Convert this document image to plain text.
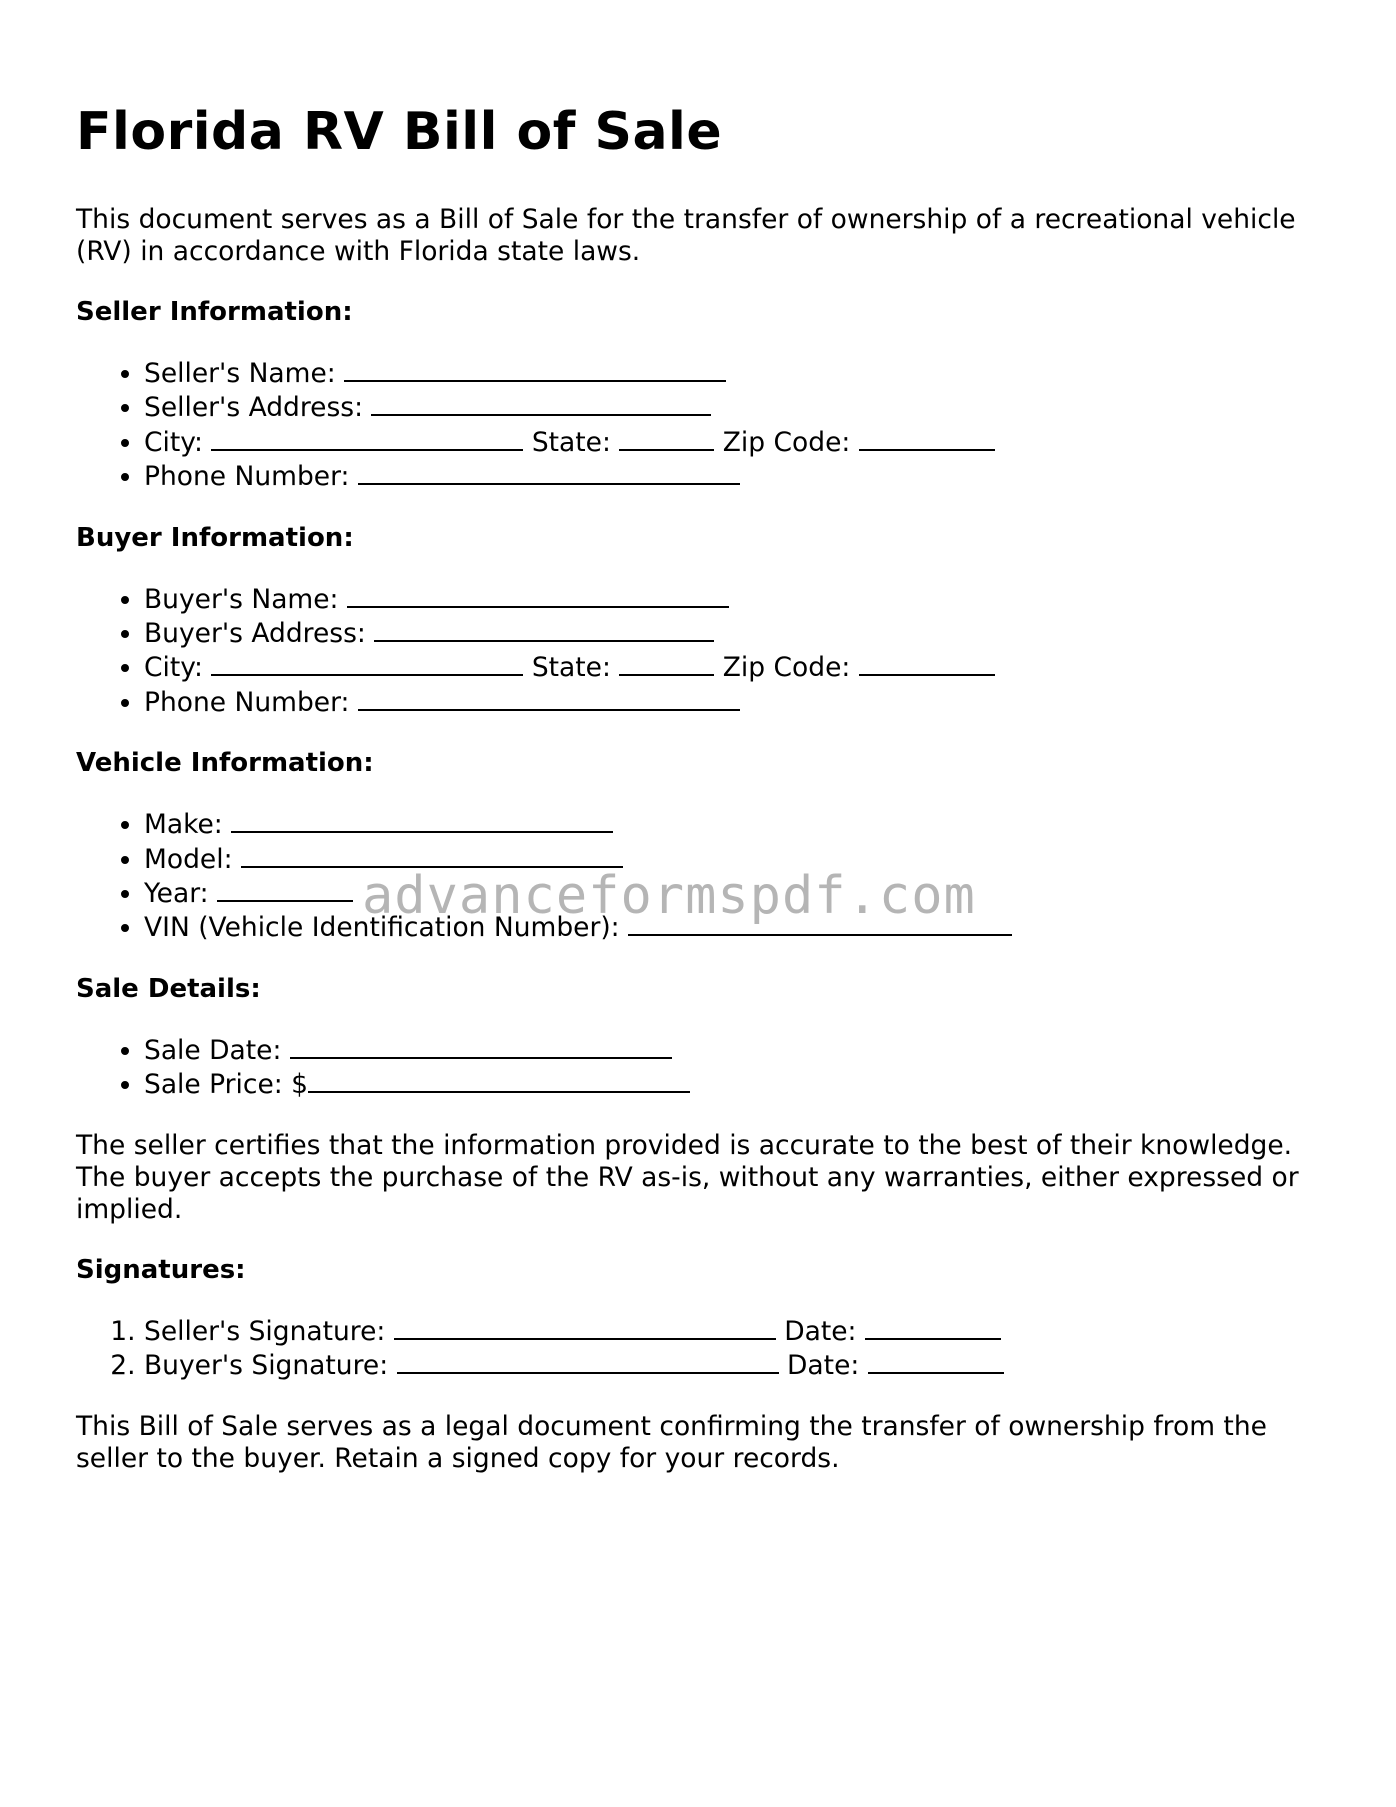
Florida RV Bill of Sale

This document serves as a Bill of Sale for the transfer of ownership of a recreational vehicle (RV) in accordance with Florida state laws.

Seller Information:
• Seller's Name:
• Seller's Address:
• City:	State:	Zip Code:
• Phone Number:
Buyer Information:
• Buyer's Name:
• Buyer's Address:
• City:	State:	Zip Code:
• Phone Number:
Vehicle Information:
• Make:
• Model:
• Year:
• VIN (Vehicle Identification Number):
Sale Details:
• Sale Date:
• Sale Price: $

The seller certifies that the information provided is accurate to the best of their knowledge. The buyer accepts the purchase of the RV as-is, without any warranties, either expressed or implied.

Signatures:
1. Seller's Signature:	Date:
2. Buyer's Signature:	Date:

This Bill of Sale serves as a legal document confirming the transfer of ownership from the seller to the buyer. Retain a signed copy for your records.

advanceformspdf.com
